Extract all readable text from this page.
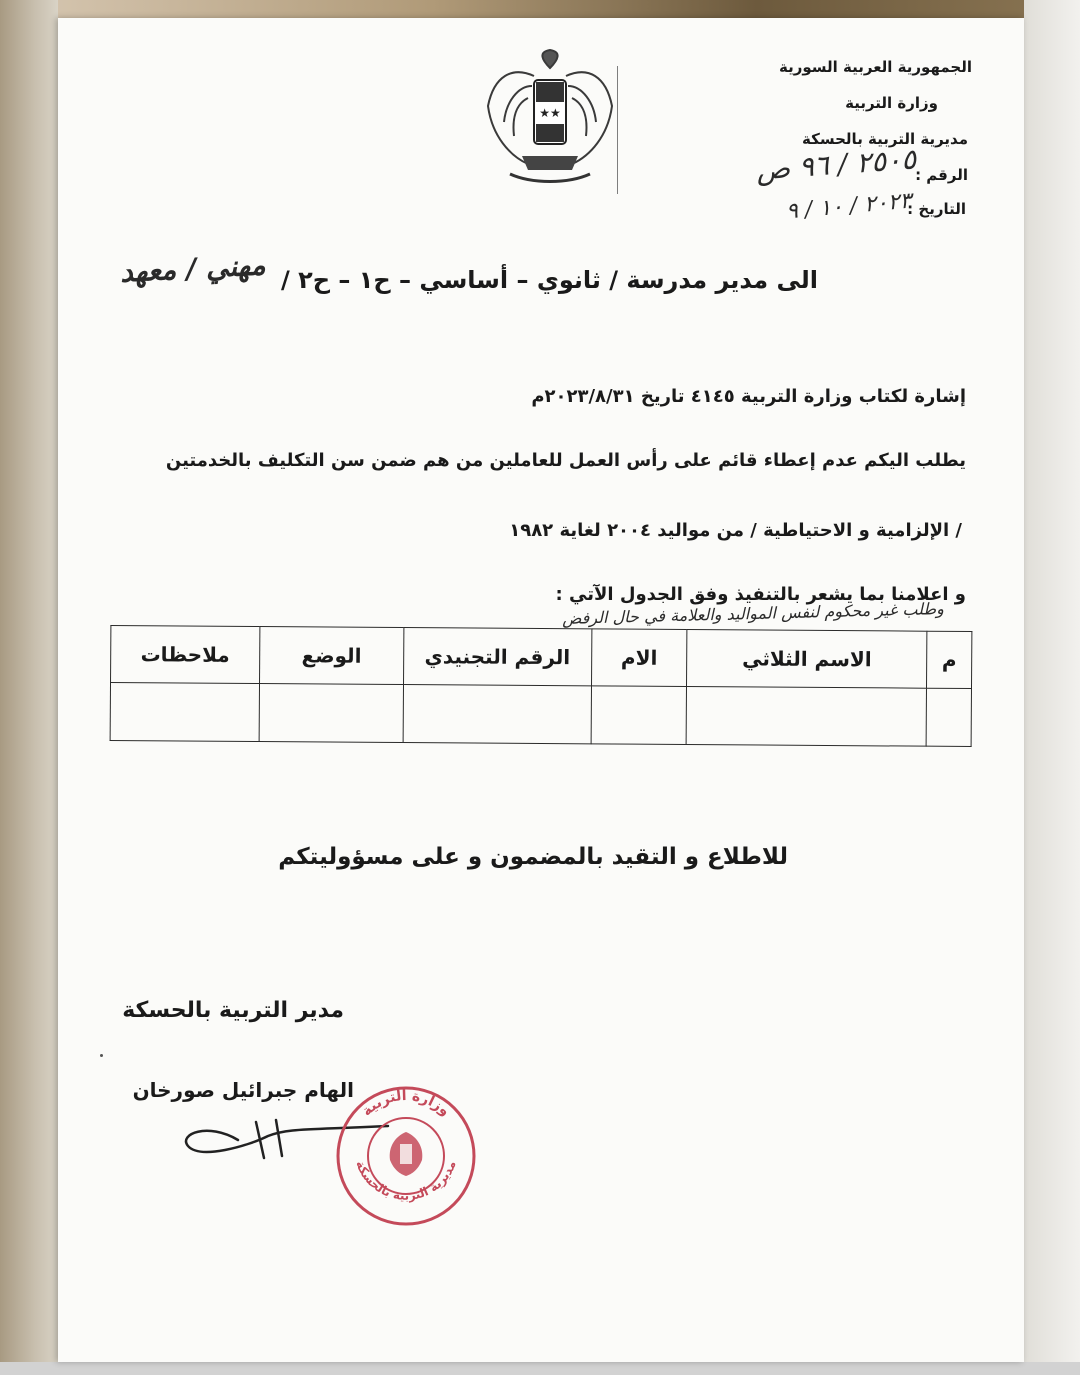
★★
الجمهورية العربية السورية
وزارة التربية
مديرية التربية بالحسكة
الرقم :
٢٥٠٥ / ٩٦ ص
التاريخ :
٢٠٢٣ / ١٠ / ٩
الى مدير مدرسة / ثانوي – أساسي – ح١ – ح٢ /
مهني / معهد
إشارة لكتاب وزارة التربية ٤١٤٥ تاريخ ٢٠٢٣/٨/٣١م
يطلب اليكم عدم إعطاء قائم على رأس العمل للعاملين من هم ضمن سن التكليف بالخدمتين
/ الإلزامية و الاحتياطية / من مواليد ٢٠٠٤ لغاية ١٩٨٢
و اعلامنا بما يشعر بالتنفيذ وفق الجدول الآتي :
وطلب غير محكوم لنفس المواليد والعلامة في حال الرفض
م	الاسم الثلاثي	الام	الرقم التجنيدي	الوضع	ملاحظات

للاطلاع و التقيد بالمضمون و على مسؤوليتكم
مدير التربية بالحسكة
الهام جبرائيل صورخان
وزارة التربية
مديرية التربية بالحسكة
